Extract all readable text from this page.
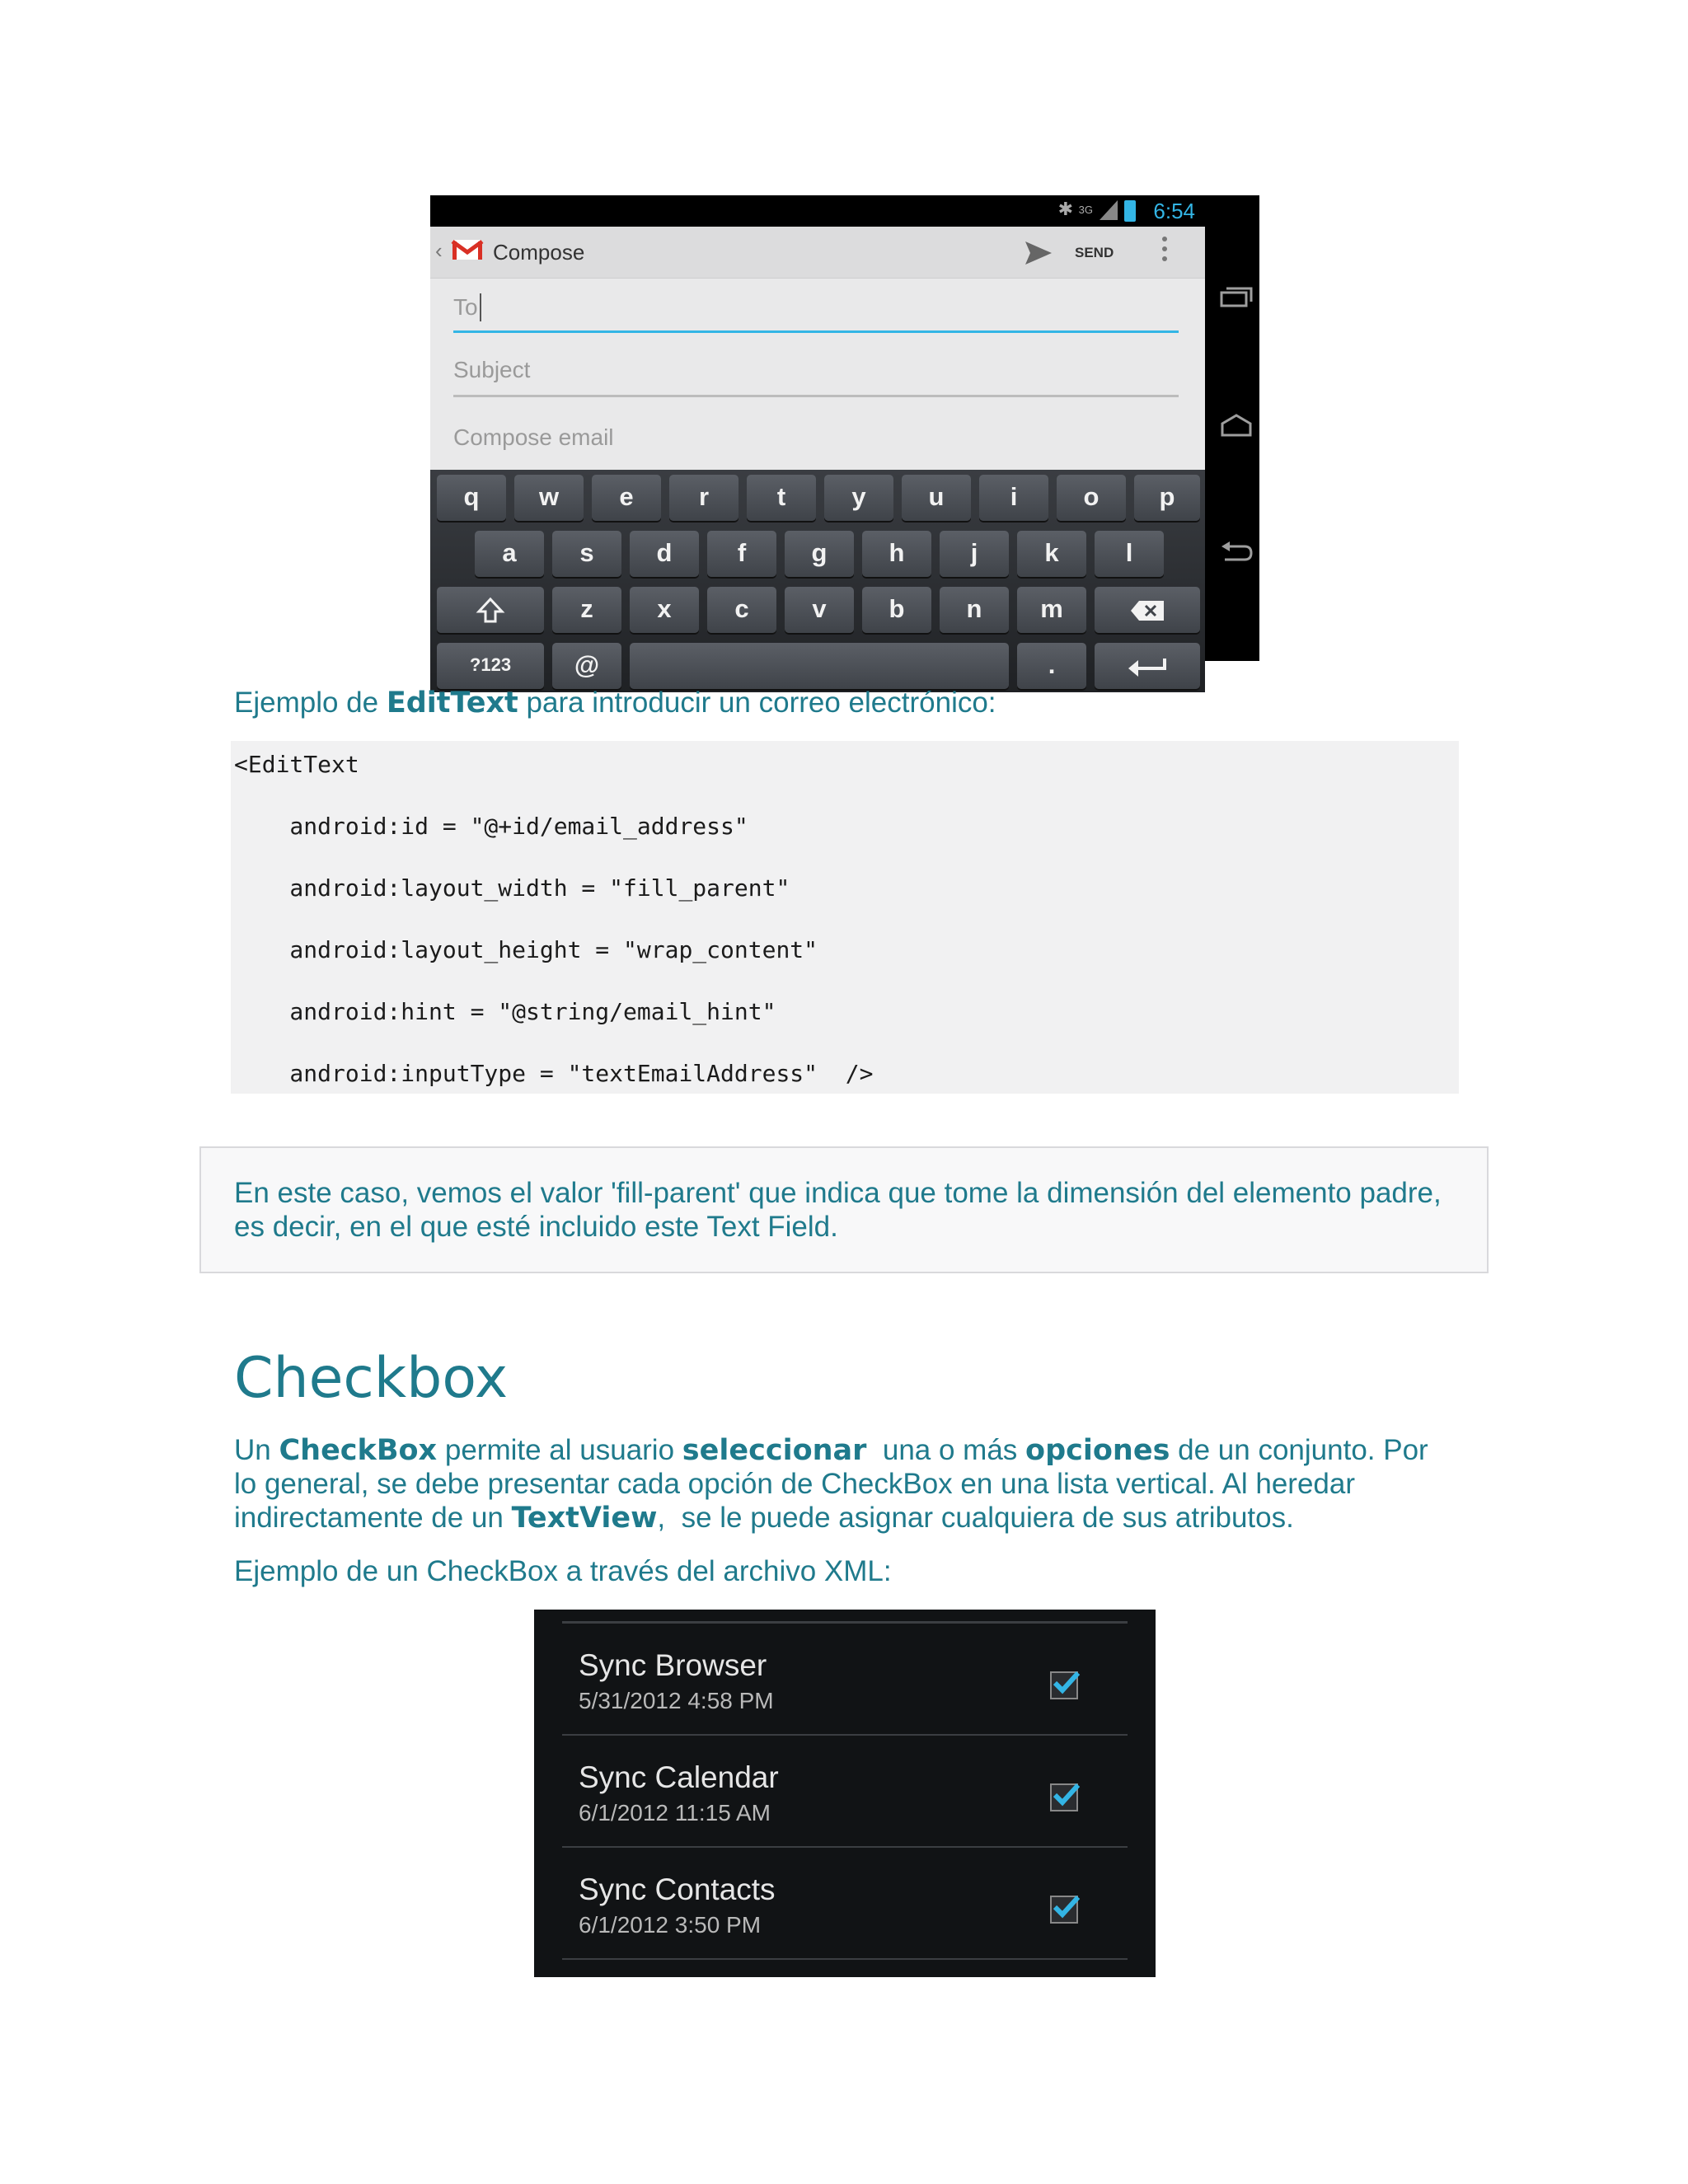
✱ 3G	6:54
‹ Compose	SEND
To
Subject
Compose email
q	w	e	r	t	y	u	i	o	p
a	s	d	f	g	h	j	k	l
z	x	c	v	b	n	m
?123	@	.
Ejemplo de EditText para introducir un correo electrónico:
<EditText
android:id = "@+id/email_address"
android:layout_width = "fill_parent"
android:layout_height = "wrap_content"
android:hint = "@string/email_hint"
android:inputType = "textEmailAddress"  />
En este caso, vemos el valor 'fill-parent' que indica que tome la dimensión del elemento padre,
es decir, en el que esté incluido este Text Field.
Checkbox
Un CheckBox permite al usuario seleccionar  una o más opciones de un conjunto. Por
lo general, se debe presentar cada opción de CheckBox en una lista vertical. Al heredar
indirectamente de un TextView,  se le puede asignar cualquiera de sus atributos.
Ejemplo de un CheckBox a través del archivo XML:
Sync Browser
5/31/2012 4:58 PM
Sync Calendar
6/1/2012 11:15 AM
Sync Contacts
6/1/2012 3:50 PM
